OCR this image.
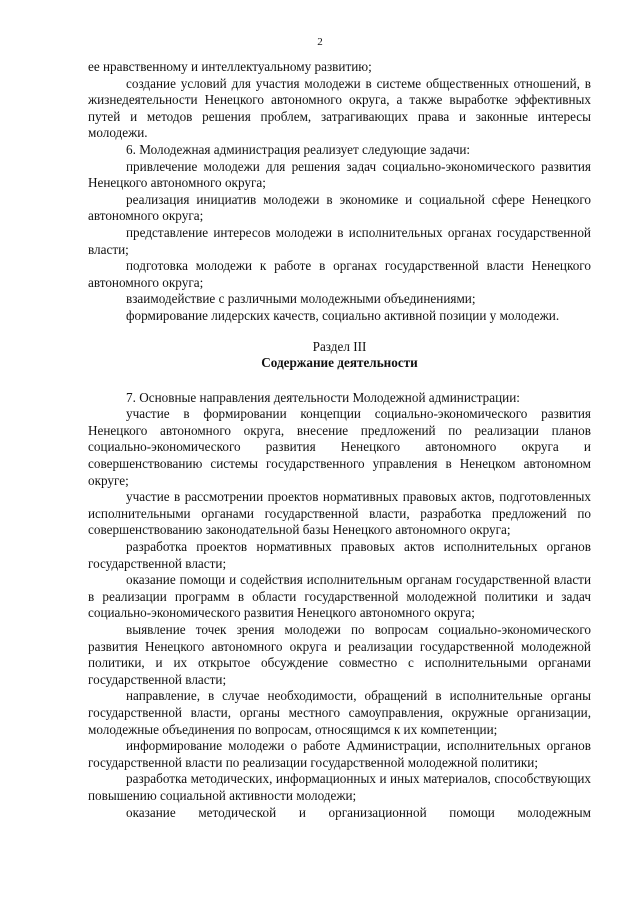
2

ее нравственному и интеллектуальному развитию;

создание условий для участия молодежи в системе общественных отношений, в жизнедеятельности Ненецкого автономного округа, а также выработке эффективных путей и методов решения проблем, затрагивающих права и законные интересы молодежи.

6. Молодежная администрация реализует следующие задачи:

привлечение молодежи для решения задач социально-экономического развития Ненецкого автономного округа;

реализация инициатив молодежи в экономике и социальной сфере Ненецкого автономного округа;

представление интересов молодежи в исполнительных органах государственной власти;

подготовка молодежи к работе в органах государственной власти Ненецкого автономного округа;

взаимодействие с различными молодежными объединениями;

формирование лидерских качеств, социально активной позиции у молодежи.

Раздел III

Содержание деятельности

7. Основные направления деятельности Молодежной администрации:

участие в формировании концепции социально-экономического развития Ненецкого автономного округа, внесение предложений по реализации планов социально-экономического развития Ненецкого автономного округа и совершенствованию системы государственного управления в Ненецком автономном округе;

участие в рассмотрении проектов нормативных правовых актов, подготовленных исполнительными органами государственной власти, разработка предложений по совершенствованию законодательной базы Ненецкого автономного округа;

разработка проектов нормативных правовых актов исполнительных органов государственной власти;

оказание помощи и содействия исполнительным органам государственной власти в реализации программ в области государственной молодежной политики и задач социально-экономического развития Ненецкого автономного округа;

выявление точек зрения молодежи по вопросам социально-экономического развития Ненецкого автономного округа и реализации государственной молодежной политики, и их открытое обсуждение совместно с исполнительными органами государственной власти;

направление, в случае необходимости, обращений в исполнительные органы государственной власти, органы местного самоуправления, окружные организации, молодежные объединения по вопросам, относящимся к их компетенции;

информирование молодежи о работе Администрации, исполнительных органов государственной власти по реализации государственной молодежной политики;

разработка методических, информационных и иных материалов, способствующих повышению социальной активности молодежи;

оказание методической и организационной помощи молодежным
